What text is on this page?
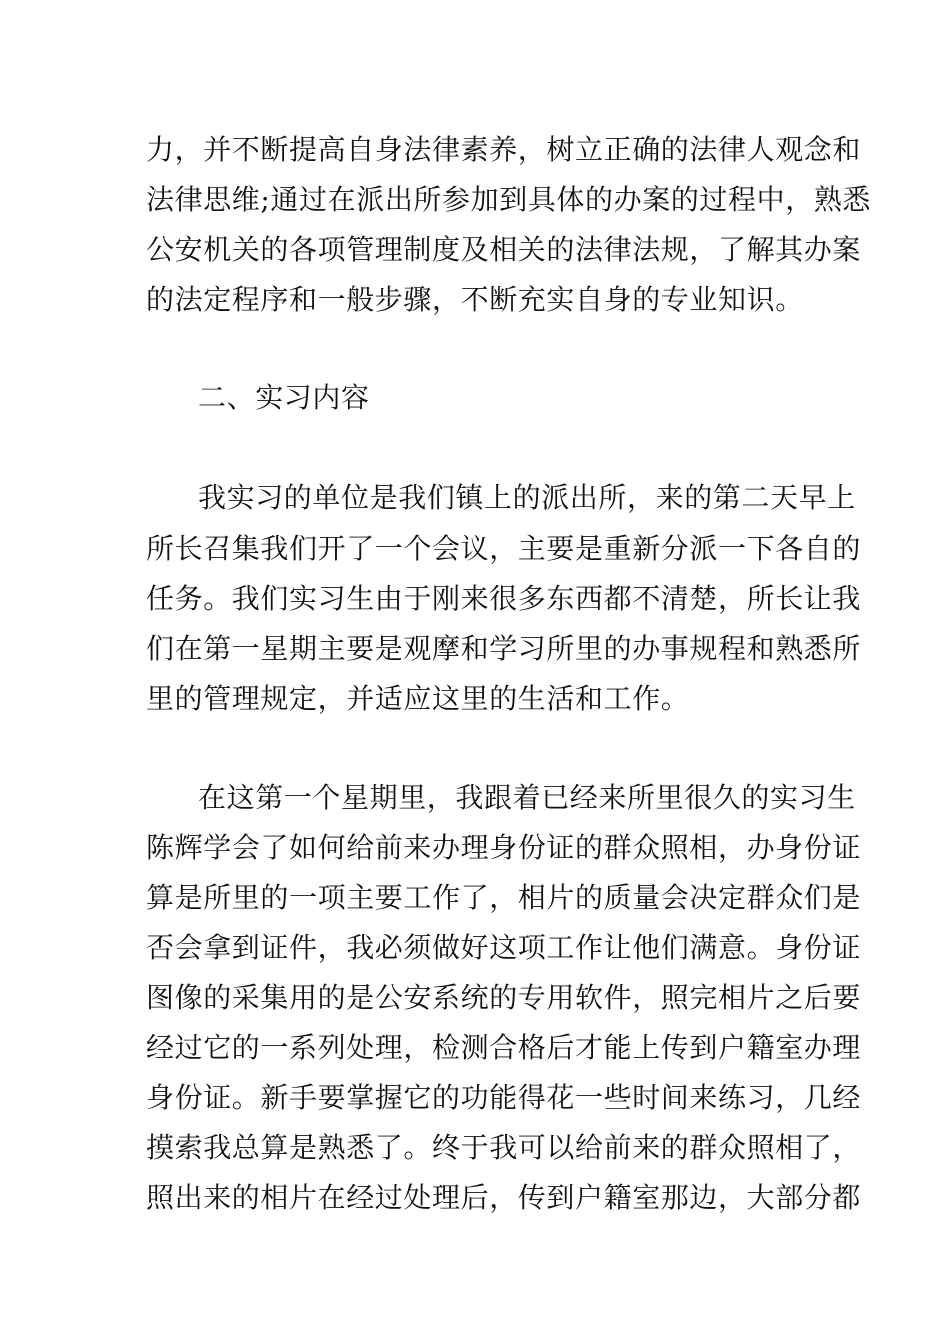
力，并不断提高自身法律素养，树立正确的法律人观念和
法律思维;通过在派出所参加到具体的办案的过程中，熟悉
公安机关的各项管理制度及相关的法律法规，了解其办案
的法定程序和一般步骤，不断充实自身的专业知识。
二、实习内容
我实习的单位是我们镇上的派出所，来的第二天早上
所长召集我们开了一个会议，主要是重新分派一下各自的
任务。我们实习生由于刚来很多东西都不清楚，所长让我
们在第一星期主要是观摩和学习所里的办事规程和熟悉所
里的管理规定，并适应这里的生活和工作。
在这第一个星期里，我跟着已经来所里很久的实习生
陈辉学会了如何给前来办理身份证的群众照相，办身份证
算是所里的一项主要工作了，相片的质量会决定群众们是
否会拿到证件，我必须做好这项工作让他们满意。身份证
图像的采集用的是公安系统的专用软件，照完相片之后要
经过它的一系列处理，检测合格后才能上传到户籍室办理
身份证。新手要掌握它的功能得花一些时间来练习，几经
摸索我总算是熟悉了。终于我可以给前来的群众照相了，
照出来的相片在经过处理后，传到户籍室那边，大部分都
